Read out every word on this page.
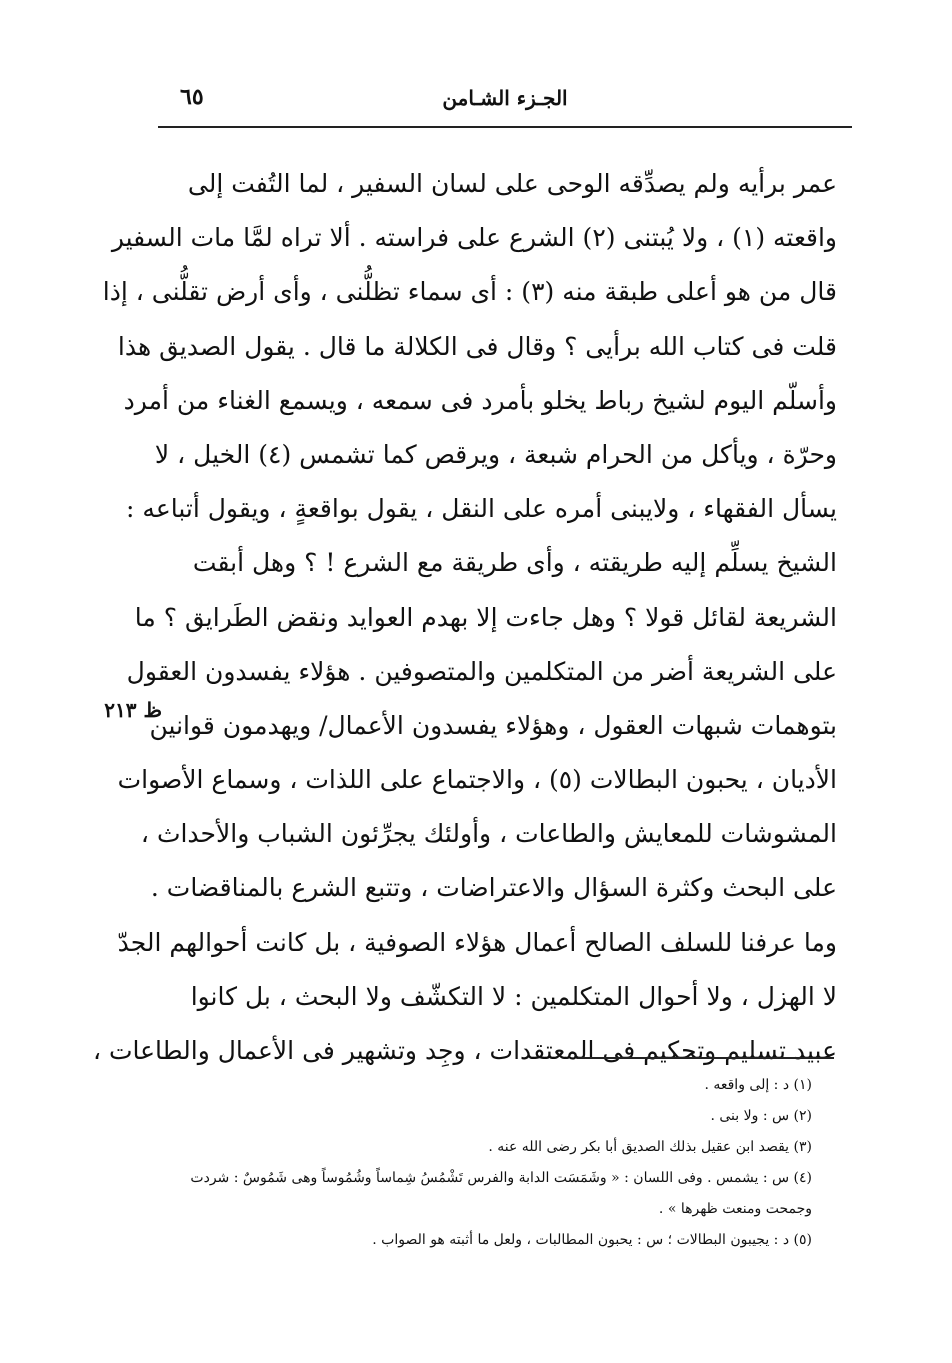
الجـزء الشـامن
٦٥
ظ ٢١٣
عمر برأيه ولم يصدِّقه الوحى على لسان السفير ، لما التُفت إلى
واقعته (١) ، ولا يُبتنى (٢) الشرع على فراسته . ألا تراه لمَّا مات السفير
قال من هو أعلى طبقة منه (٣) : أى سماء تظلُّنى ، وأى أرض تقلُّنى ، إذا
قلت فى كتاب الله برأيى ؟ وقال فى الكلالة ما قال . يقول الصديق هذا
وأسلّم اليوم لشيخ رباط يخلو بأمرد فى سمعه ، ويسمع الغناء من أمرد
وحرّة ، ويأكل من الحرام شبعة ، ويرقص كما تشمس (٤) الخيل ، لا
يسأل الفقهاء ، ولايبنى أمره على النقل ، يقول بواقعةٍ ، ويقول أتباعه :
الشيخ يسلِّم إليه طريقته ، وأى طريقة مع الشرع ! ؟ وهل أبقت
الشريعة لقائل قولا ؟ وهل جاءت إلا بهدم العوايد ونقض الطَرايق ؟ ما
على الشريعة أضر من المتكلمين والمتصوفين . هؤلاء يفسدون العقول
بتوهمات شبهات العقول ، وهؤلاء يفسدون الأعمال/ ويهدمون قوانين
الأديان ، يحبون البطالات (٥) ، والاجتماع على اللذات ، وسماع الأصوات
المشوشات للمعايش والطاعات ، وأولئك يجرِّئون الشباب والأحداث ،
على البحث وكثرة السؤال والاعتراضات ، وتتبع الشرع بالمناقضات .
وما عرفنا للسلف الصالح أعمال هؤلاء الصوفية ، بل كانت أحوالهم الجدّ
لا الهزل ، ولا أحوال المتكلمين : لا التكشّف ولا البحث ، بل كانوا
عبيد تسليم وتحكيم فى المعتقدات ، وجِد وتشهير فى الأعمال والطاعات ،
(١) د : إلى واقعه .
(٢) س : ولا بنى .
(٣) يقصد ابن عقيل بذلك الصديق أبا بكر رضى الله عنه .
(٤) س : يشمس . وفى اللسان : « وشَمَسَت الدابة والفرس تَشْمُسُ شِماساً وشُمُوساً وهى شَمُوسٌ : شردت وجمحت ومنعت ظهرها » .
(٥) د : يجيبون البطالات ؛ س : يحبون المطالبات ، ولعل ما أثبته هو الصواب .
